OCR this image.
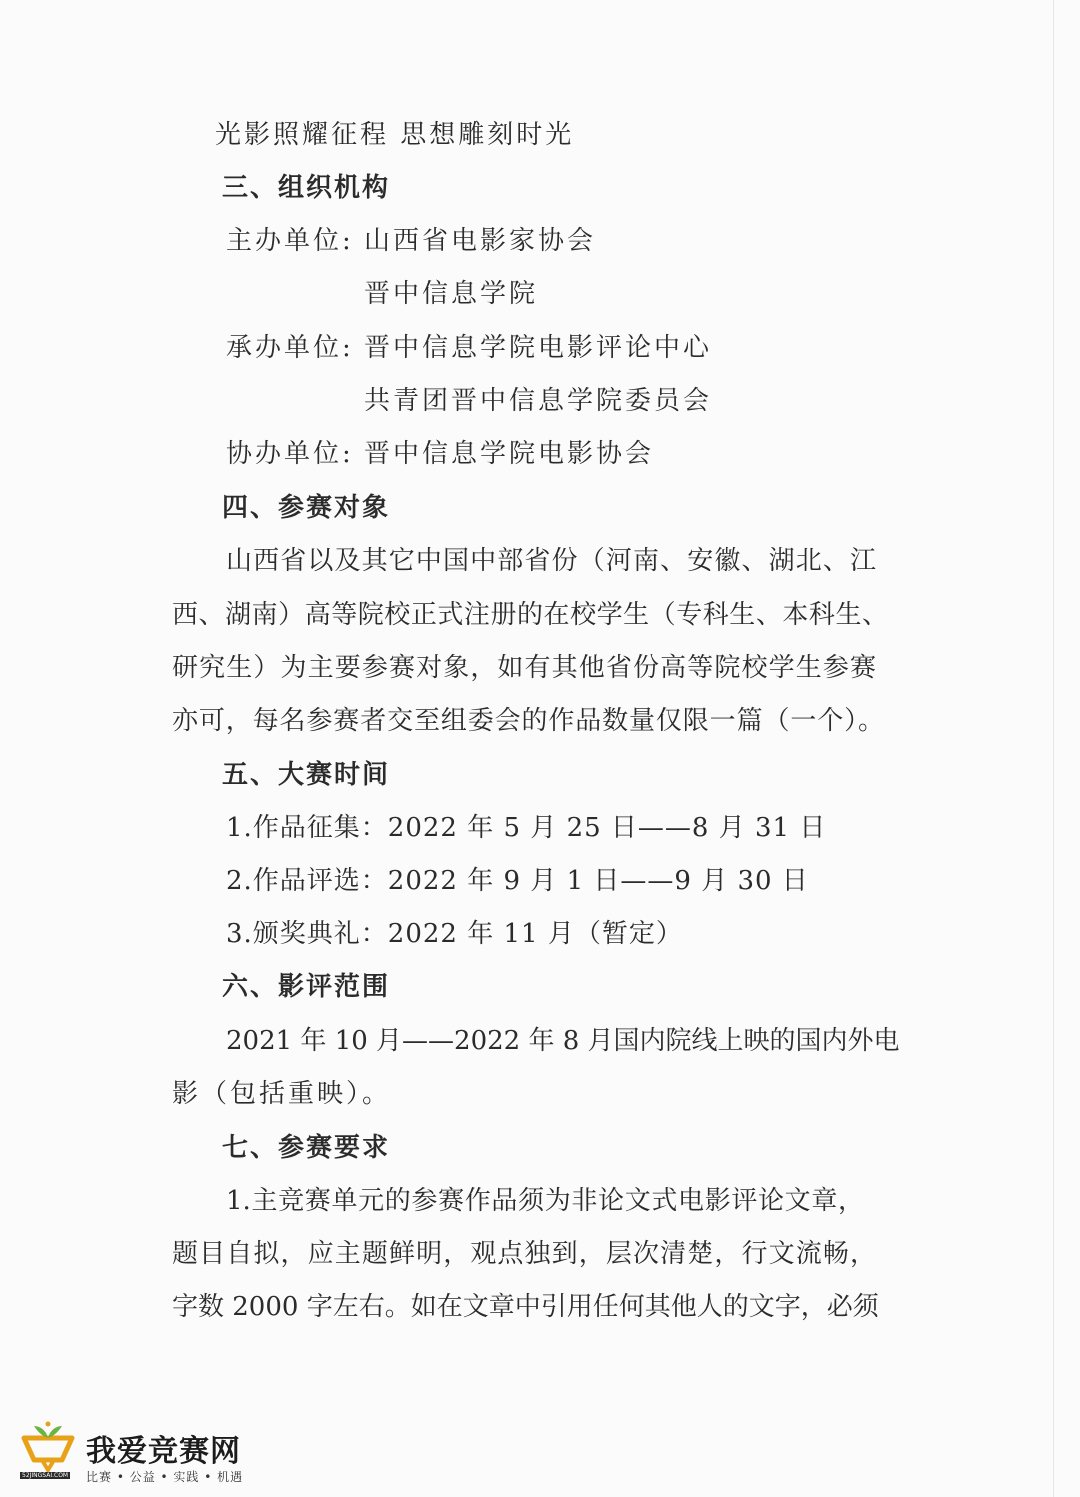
光影照耀征程 思想雕刻时光
三、组织机构
主办单位: 山西省电影家协会
晋中信息学院
承办单位: 晋中信息学院电影评论中心
共青团晋中信息学院委员会
协办单位: 晋中信息学院电影协会
四、参赛对象
山西省以及其它中国中部省份（河南、安徽、湖北、江
西、湖南）高等院校正式注册的在校学生（专科生、本科生、
研究生）为主要参赛对象，如有其他省份高等院校学生参赛
亦可，每名参赛者交至组委会的作品数量仅限一篇（一个）。
五、大赛时间
1.作品征集：2022 年 5 月 25 日——8 月 31 日
2.作品评选：2022 年 9 月 1 日——9 月 30 日
3.颁奖典礼：2022 年 11 月（暂定）
六、影评范围
2021 年 10 月——2022 年 8 月国内院线上映的国内外电
影（包括重映）。
七、参赛要求
1.主竞赛单元的参赛作品须为非论文式电影评论文章，
题目自拟，应主题鲜明，观点独到，层次清楚，行文流畅，
字数 2000 字左右。如在文章中引用任何其他人的文字，必须
52JINGSAI.COM
我爱竞赛网
比赛 • 公益 • 实践 • 机遇
